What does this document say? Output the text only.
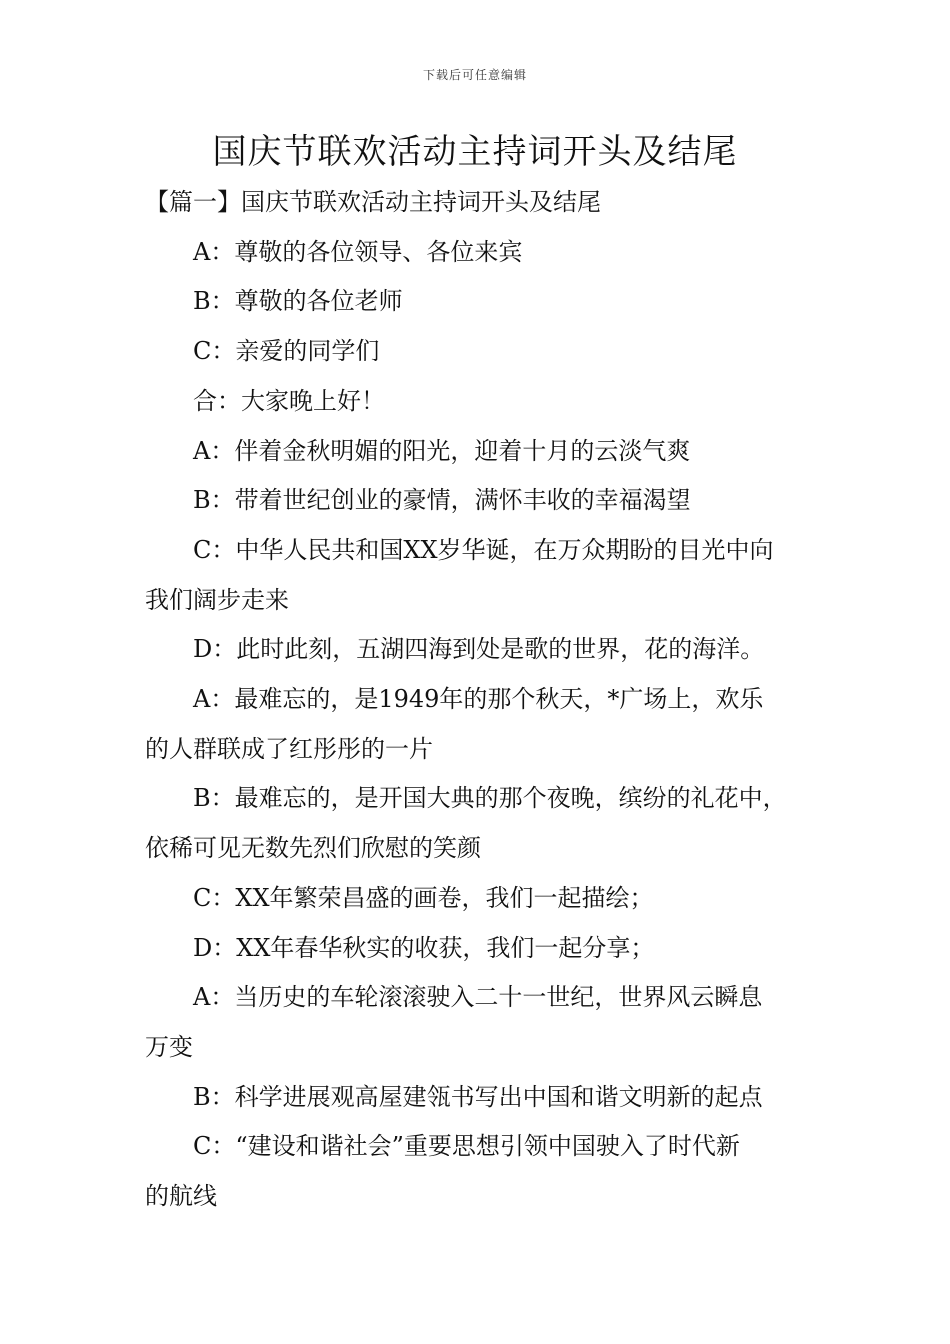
下载后可任意编辑
国庆节联欢活动主持词开头及结尾

【篇一】国庆节联欢活动主持词开头及结尾

　　A：尊敬的各位领导、各位来宾

　　B：尊敬的各位老师

　　C：亲爱的同学们

　　合：大家晚上好！

　　A：伴着金秋明媚的阳光，迎着十月的云淡气爽

　　B：带着世纪创业的豪情，满怀丰收的幸福渴望

　　C：中华人民共和国XX岁华诞，在万众期盼的目光中向

我们阔步走来

　　D：此时此刻，五湖四海到处是歌的世界，花的海洋。

　　A：最难忘的，是1949年的那个秋天，*广场上，欢乐

的人群联成了红彤彤的一片

　　B：最难忘的，是开国大典的那个夜晚，缤纷的礼花中，

依稀可见无数先烈们欣慰的笑颜

　　C：XX年繁荣昌盛的画卷，我们一起描绘；

　　D：XX年春华秋实的收获，我们一起分享；

　　A：当历史的车轮滚滚驶入二十一世纪，世界风云瞬息

万变

　　B：科学进展观高屋建瓴书写出中国和谐文明新的起点

　　C：“建设和谐社会”重要思想引领中国驶入了时代新

的航线
